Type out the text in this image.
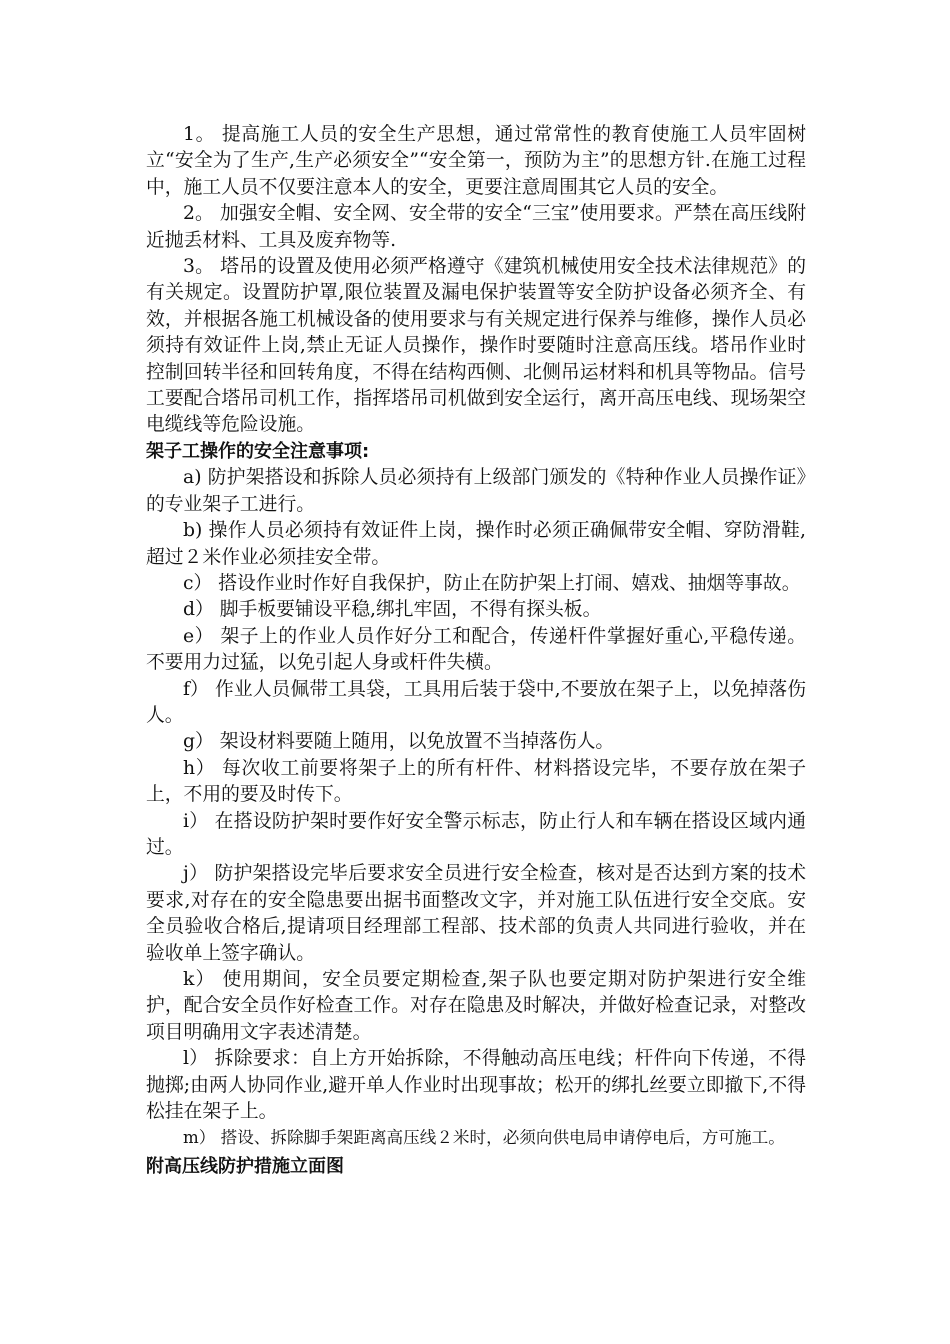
1。 提高施工人员的安全生产思想，通过常常性的教育使施工人员牢固树立“安全为了生产,生产必须安全”“安全第一，预防为主”的思想方针.在施工过程中，施工人员不仅要注意本人的安全，更要注意周围其它人员的安全。

2。 加强安全帽、安全网、安全带的安全“三宝”使用要求。严禁在高压线附近抛丢材料、工具及废弃物等.

3。 塔吊的设置及使用必须严格遵守《建筑机械使用安全技术法律规范》的有关规定。设置防护罩,限位装置及漏电保护装置等安全防护设备必须齐全、有效，并根据各施工机械设备的使用要求与有关规定进行保养与维修，操作人员必须持有效证件上岗,禁止无证人员操作，操作时要随时注意高压线。塔吊作业时控制回转半径和回转角度，不得在结构西侧、北侧吊运材料和机具等物品。信号工要配合塔吊司机工作，指挥塔吊司机做到安全运行，离开高压电线、现场架空电缆线等危险设施。

架子工操作的安全注意事项:

a) 防护架搭设和拆除人员必须持有上级部门颁发的《特种作业人员操作证》的专业架子工进行。

b) 操作人员必须持有效证件上岗，操作时必须正确佩带安全帽、穿防滑鞋,超过２米作业必须挂安全带。

c） 搭设作业时作好自我保护，防止在防护架上打闹、嬉戏、抽烟等事故。

d） 脚手板要铺设平稳,绑扎牢固，不得有探头板。

e） 架子上的作业人员作好分工和配合，传递杆件掌握好重心,平稳传递。不要用力过猛，以免引起人身或杆件失横。

f） 作业人员佩带工具袋，工具用后装于袋中,不要放在架子上，以免掉落伤人。

g） 架设材料要随上随用，以免放置不当掉落伤人。

h） 每次收工前要将架子上的所有杆件、材料搭设完毕，不要存放在架子上，不用的要及时传下。

i） 在搭设防护架时要作好安全警示标志，防止行人和车辆在搭设区域内通过。

j） 防护架搭设完毕后要求安全员进行安全检查，核对是否达到方案的技术要求,对存在的安全隐患要出据书面整改文字，并对施工队伍进行安全交底。安全员验收合格后,提请项目经理部工程部、技术部的负责人共同进行验收，并在验收单上签字确认。

k） 使用期间，安全员要定期检查,架子队也要定期对防护架进行安全维护，配合安全员作好检查工作。对存在隐患及时解决，并做好检查记录，对整改项目明确用文字表述清楚。

l） 拆除要求：自上方开始拆除，不得触动高压电线；杆件向下传递，不得抛掷;由两人协同作业,避开单人作业时出现事故；松开的绑扎丝要立即撤下,不得松挂在架子上。

m） 搭设、拆除脚手架距离高压线２米时，必须向供电局申请停电后，方可施工。

附高压线防护措施立面图
